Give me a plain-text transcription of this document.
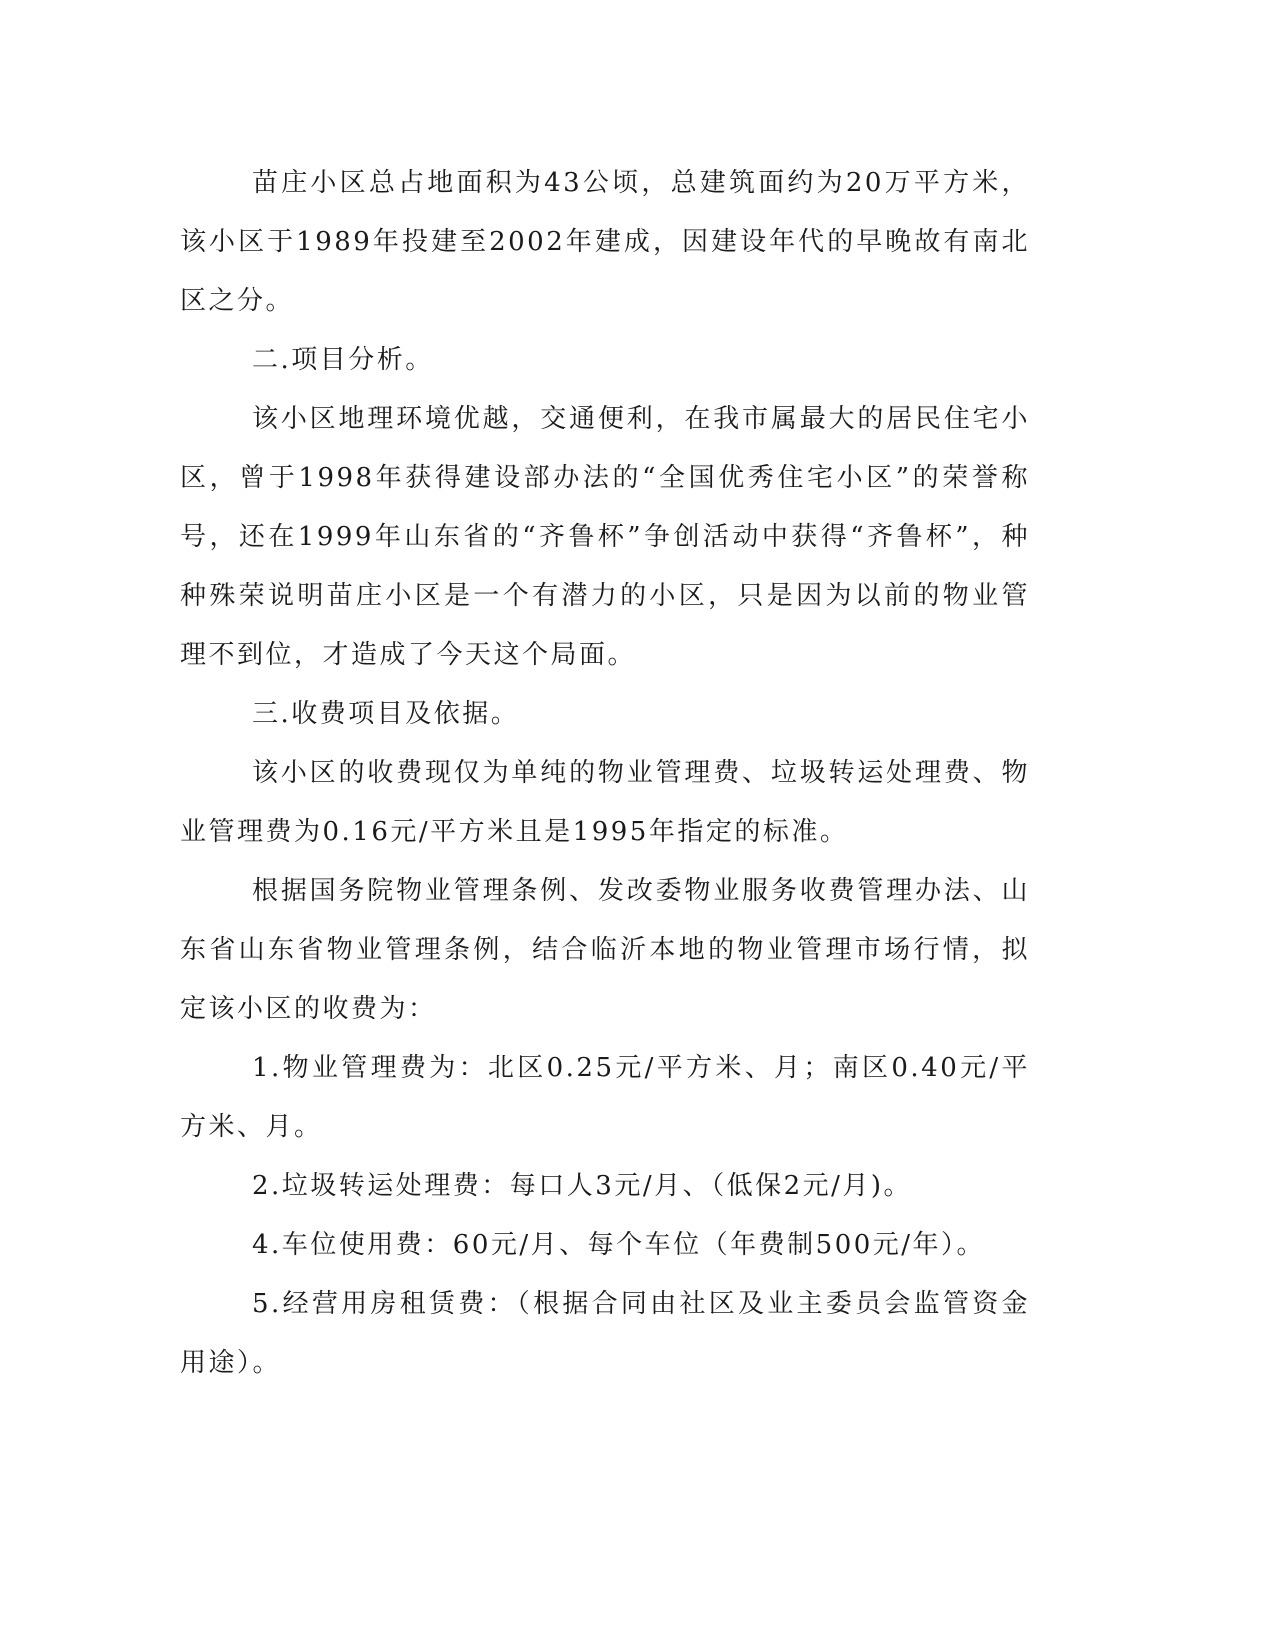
苗庄小区总占地面积为43公顷，总建筑面约为20万平方米，该小区于1989年投建至2002年建成，因建设年代的早晚故有南北区之分。

二.项目分析。

该小区地理环境优越，交通便利，在我市属最大的居民住宅小区，曾于1998年获得建设部办法的“全国优秀住宅小区”的荣誉称号，还在1999年山东省的“齐鲁杯”争创活动中获得“齐鲁杯”，种种殊荣说明苗庄小区是一个有潜力的小区，只是因为以前的物业管理不到位，才造成了今天这个局面。

三.收费项目及依据。

该小区的收费现仅为单纯的物业管理费、垃圾转运处理费、物业管理费为0.16元/平方米且是1995年指定的标准。

根据国务院物业管理条例、发改委物业服务收费管理办法、山东省山东省物业管理条例，结合临沂本地的物业管理市场行情，拟定该小区的收费为：

1.物业管理费为：北区0.25元/平方米、月；南区0.40元/平方米、月。

2.垃圾转运处理费：每口人3元/月、（低保2元/月)。

4.车位使用费：60元/月、每个车位（年费制500元/年）。

5.经营用房租赁费：（根据合同由社区及业主委员会监管资金用途）。
